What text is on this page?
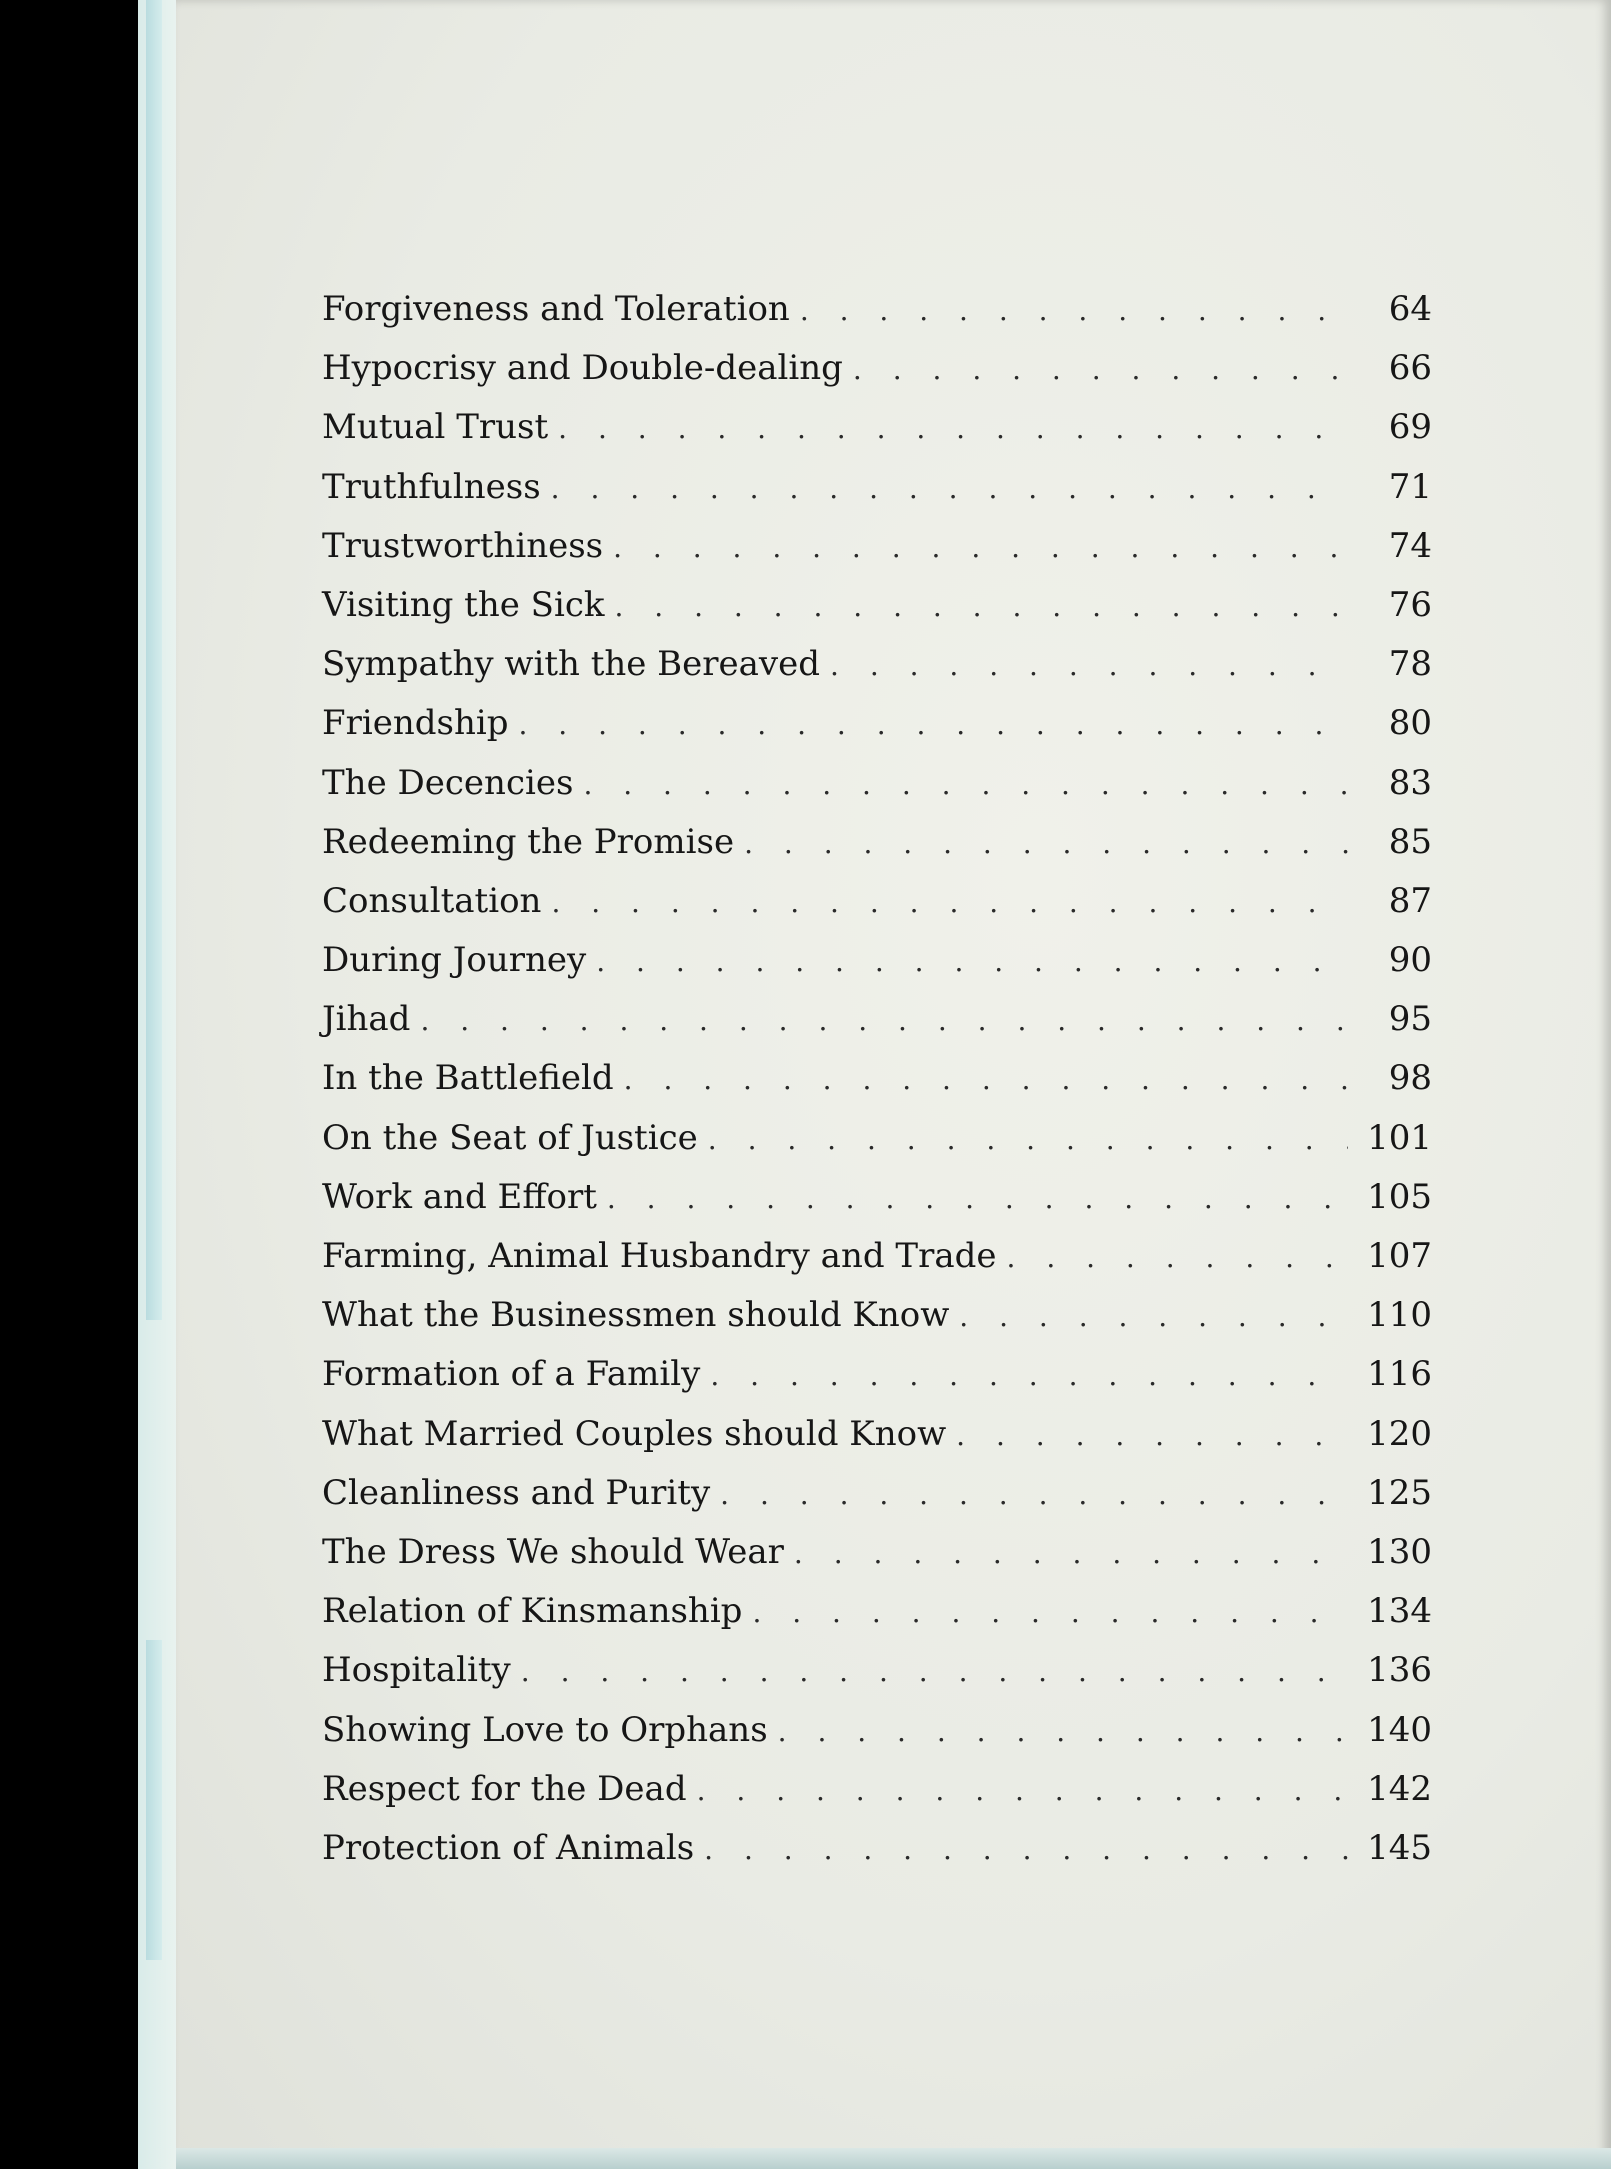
Forgiveness and Toleration . . .	64
Hypocrisy and Double-dealing . . .	66
Mutual Trust . . .	69
Truthfulness . . .	71
Trustworthiness . . .	74
Visiting the Sick . . .	76
Sympathy with the Bereaved . . .	78
Friendship . . .	80
The Decencies . . .	83
Redeeming the Promise . . .	85
Consultation . . .	87
During Journey . . .	90
Jihad . . .	95
In the Battlefield . . .	98
On the Seat of Justice . . .	101
Work and Effort . . .	105
Farming, Animal Husbandry and Trade . . .	107
What the Businessmen should Know . . .	110
Formation of a Family . . .	116
What Married Couples should Know . . .	120
Cleanliness and Purity . . .	125
The Dress We should Wear . . .	130
Relation of Kinsmanship . . .	134
Hospitality . . .	136
Showing Love to Orphans . . .	140
Respect for the Dead . . .	142
Protection of Animals . . .	145
